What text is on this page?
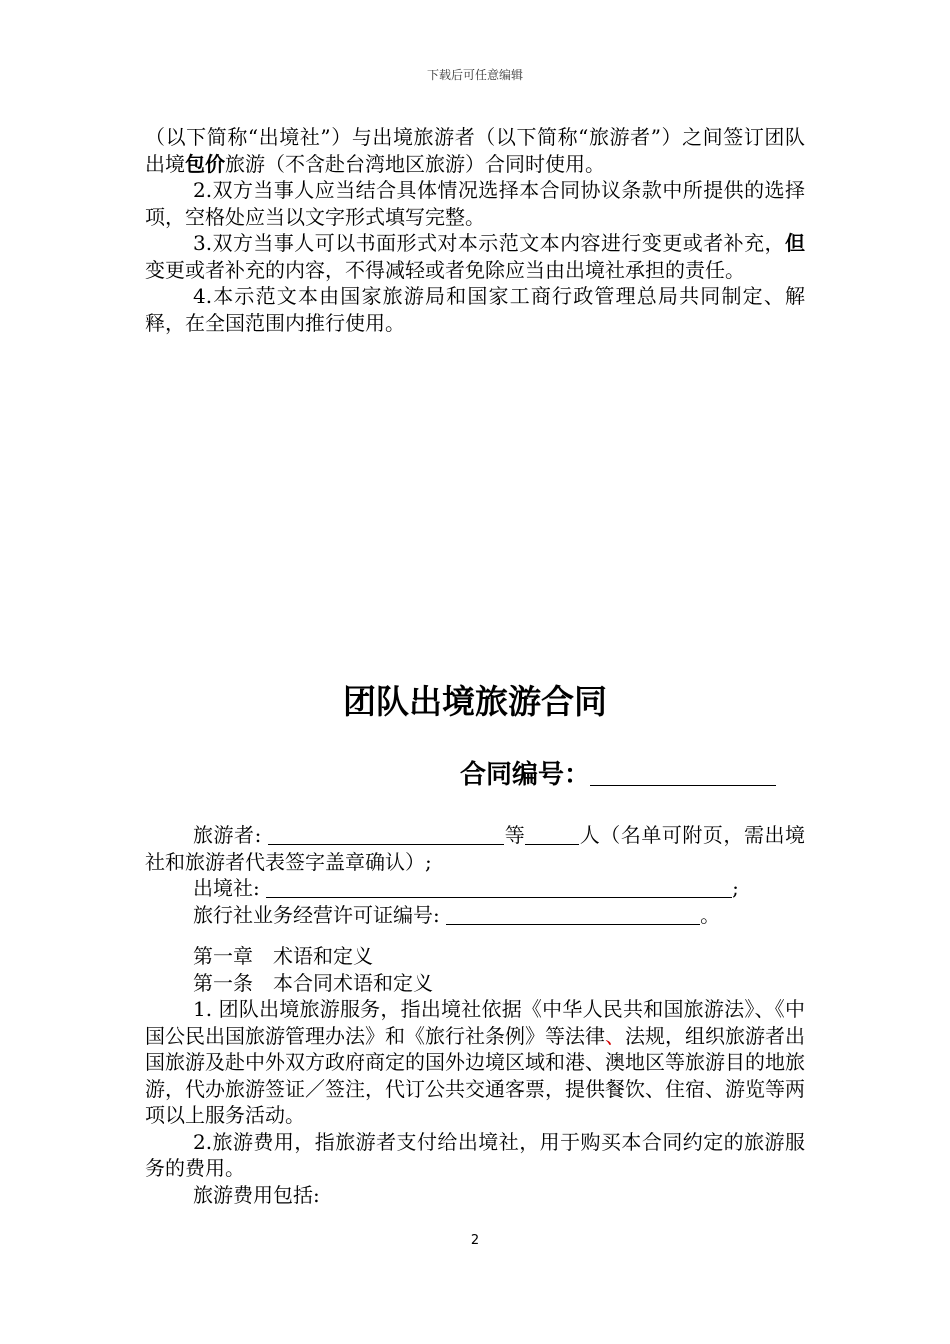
下载后可任意编辑

（以下简称“出境社”）与出境旅游者（以下简称“旅游者”）之间签订团队出境包价旅游（不含赴台湾地区旅游）合同时使用。

2.双方当事人应当结合具体情况选择本合同协议条款中所提供的选择项，空格处应当以文字形式填写完整。

3.双方当事人可以书面形式对本示范文本内容进行变更或者补充，但变更或者补充的内容，不得减轻或者免除应当由出境社承担的责任。

4.本示范文本由国家旅游局和国家工商行政管理总局共同制定、解释，在全国范围内推行使用。

团队出境旅游合同
合同编号：

旅游者:	等	人（名单可附页，需出境社和旅游者代表签字盖章确认）;

出境社:	;

旅行社业务经营许可证编号:	。

第一章　术语和定义

第一条　本合同术语和定义

1. 团队出境旅游服务，指出境社依据《中华人民共和国旅游法》、《中国公民出国旅游管理办法》和《旅行社条例》等法律、法规，组织旅游者出国旅游及赴中外双方政府商定的国外边境区域和港、澳地区等旅游目的地旅游，代办旅游签证／签注，代订公共交通客票，提供餐饮、住宿、游览等两项以上服务活动。

2.旅游费用，指旅游者支付给出境社，用于购买本合同约定的旅游服务的费用。

旅游费用包括:

2
